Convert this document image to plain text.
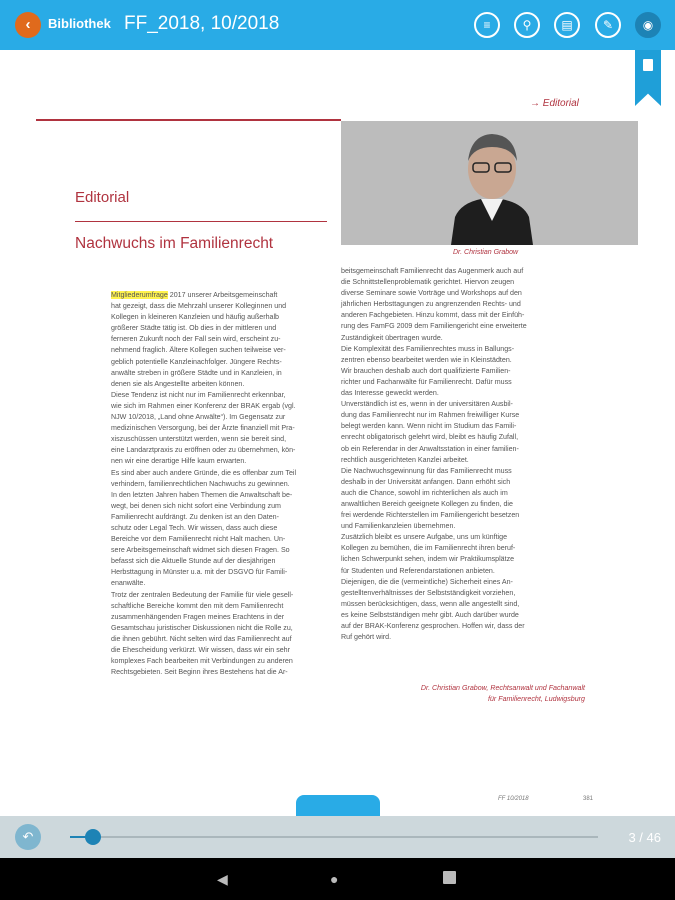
‹	Bibliothek FF_2018, 10/2018	≡	⚲	▤	✎	◉
→ Editorial
Dr. Christian Grabow
Editorial
Nachwuchs im Familienrecht
Mitgliederumfrage 2017 unserer Arbeitsgemeinschaft
hat gezeigt, dass die Mehrzahl unserer Kolleginnen und
Kollegen in kleineren Kanzleien und häufig außerhalb
größerer Städte tätig ist. Ob dies in der mittleren und
ferneren Zukunft noch der Fall sein wird, erscheint zu-
nehmend fraglich. Ältere Kollegen suchen teilweise ver-
geblich potentielle Kanzleinachfolger. Jüngere Rechts-
anwälte streben in größere Städte und in Kanzleien, in
denen sie als Angestellte arbeiten können.
Diese Tendenz ist nicht nur im Familienrecht erkennbar,
wie sich im Rahmen einer Konferenz der BRAK ergab (vgl.
NJW 10/2018, „Land ohne Anwälte“). Im Gegensatz zur
medizinischen Versorgung, bei der Ärzte finanziell mit Pra-
xiszuschüssen unterstützt werden, wenn sie bereit sind,
eine Landarztpraxis zu eröffnen oder zu übernehmen, kön-
nen wir eine derartige Hilfe kaum erwarten.
Es sind aber auch andere Gründe, die es offenbar zum Teil
verhindern, familienrechtlichen Nachwuchs zu gewinnen.
In den letzten Jahren haben Themen die Anwaltschaft be-
wegt, bei denen sich nicht sofort eine Verbindung zum
Familienrecht aufdrängt. Zu denken ist an den Daten-
schutz oder Legal Tech. Wir wissen, dass auch diese
Bereiche vor dem Familienrecht nicht Halt machen. Un-
sere Arbeitsgemeinschaft widmet sich diesen Fragen. So
befasst sich die Aktuelle Stunde auf der diesjährigen
Herbsttagung in Münster u.a. mit der DSGVO für Famili-
enanwälte.
Trotz der zentralen Bedeutung der Familie für viele gesell-
schaftliche Bereiche kommt den mit dem Familienrecht
zusammenhängenden Fragen meines Erachtens in der
Gesamtschau juristischer Diskussionen nicht die Rolle zu,
die ihnen gebührt. Nicht selten wird das Familienrecht auf
die Ehescheidung verkürzt. Wir wissen, dass wir ein sehr
komplexes Fach bearbeiten mit Verbindungen zu anderen
Rechtsgebieten. Seit Beginn ihres Bestehens hat die Ar-
beitsgemeinschaft Familienrecht das Augenmerk auch auf
die Schnittstellenproblematik gerichtet. Hiervon zeugen
diverse Seminare sowie Vorträge und Workshops auf den
jährlichen Herbsttagungen zu angrenzenden Rechts- und
anderen Fachgebieten. Hinzu kommt, dass mit der Einfüh-
rung des FamFG 2009 dem Familiengericht eine erweiterte
Zuständigkeit übertragen wurde.
Die Komplexität des Familienrechtes muss in Ballungs-
zentren ebenso bearbeitet werden wie in Kleinstädten.
Wir brauchen deshalb auch dort qualifizierte Familien-
richter und Fachanwälte für Familienrecht. Dafür muss
das Interesse geweckt werden.
Unverständlich ist es, wenn in der universitären Ausbil-
dung das Familienrecht nur im Rahmen freiwilliger Kurse
belegt werden kann. Wenn nicht im Studium das Famili-
enrecht obligatorisch gelehrt wird, bleibt es häufig Zufall,
ob ein Referendar in der Anwaltsstation in einer familien-
rechtlich ausgerichteten Kanzlei arbeitet.
Die Nachwuchsgewinnung für das Familienrecht muss
deshalb in der Universität anfangen. Dann erhöht sich
auch die Chance, sowohl im richterlichen als auch im
anwaltlichen Bereich geeignete Kollegen zu finden, die
frei werdende Richterstellen im Familiengericht besetzen
und Familienkanzleien übernehmen.
Zusätzlich bleibt es unsere Aufgabe, uns um künftige
Kollegen zu bemühen, die im Familienrecht ihren beruf-
lichen Schwerpunkt sehen, indem wir Praktikumsplätze
für Studenten und Referendarstationen anbieten.
Diejenigen, die die (vermeintliche) Sicherheit eines An-
gestelltenverhältnisses der Selbstständigkeit vorziehen,
müssen berücksichtigen, dass, wenn alle angestellt sind,
es keine Selbstständigen mehr gibt. Auch darüber wurde
auf der BRAK-Konferenz gesprochen. Hoffen wir, dass der
Ruf gehört wird.
Dr. Christian Grabow, Rechtsanwalt und Fachanwalt
für Familienrecht, Ludwigsburg
FF 10/2018	381
↶	3 / 46
◀	●
